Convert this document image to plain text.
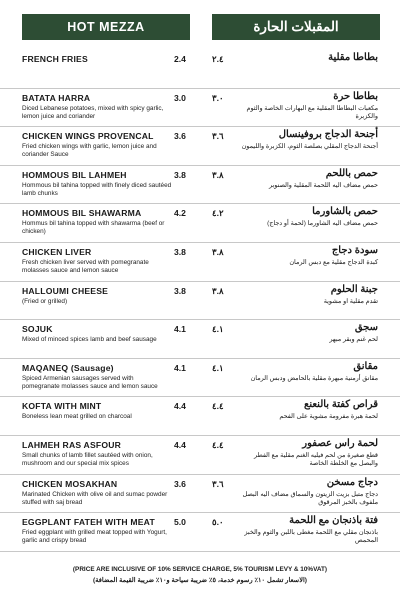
HOT MEZZA	المقبلات الحارة
FRENCH FRIES	2.4	٢.٤	بطاطا مقلية
BATATA HARRA
Diced Lebanese potatoes, mixed with spicy garlic, lemon juice and coriander
3.0	٣.٠	بطاطا حرة
مكعبات البطاطا المقلية مع البهارات الخاصة والثوم والكزبرة
CHICKEN WINGS PROVENCAL
Fried chicken wings with garlic, lemon juice and coriander Sauce
3.6	٣.٦	أجنحة الدجاج بروفينسال
أجنحة الدجاج المقلي بصلصة الثوم، الكزبرة والليمون
HOMMOUS BIL LAHMEH
Hommous bil tahina topped with finely diced sautéed lamb chunks
3.8	٣.٨	حمص باللحم
حمص مضاف اليه اللحمة المقلية والصنوبر
HOMMOUS BIL SHAWARMA
Hommus bil tahina topped with shawarma (beef or chicken)
4.2	٤.٢	حمص بالشاورما
حمص مضاف اليه الشاورما (لحمة أو دجاج)
CHICKEN LIVER
Fresh chicken liver served with pomegranate molasses sauce and lemon sauce
3.8	٣.٨	سودة دجاج
كبدة الدجاج مقلية مع دبس الرمان
HALLOUMI CHEESE
(Fried or grilled)
3.8	٣.٨	جبنة الحلوم
تقدم مقلية او مشوية
SOJUK
Mixed of minced spices lamb and beef sausage
4.1	٤.١	سجق
لحم غنم وبقر مبهر
MAQANEQ (Sausage)
Spiced Armenian sausages served with pomegranate molasses sauce and lemon sauce
4.1	٤.١	مقانق
مقانق أرمنية مبهرة مقلية بالحامض ودبس الرمان
KOFTA WITH MINT
Boneless lean meat grilled on charcoal
4.4	٤.٤	قراص كفتة بالنعنع
لحمة هبرة مفرومة مشوية على الفحم
LAHMEH RAS ASFOUR
Small chunks of lamb fillet sautéed with onion, mushroom and our special mix spices
4.4	٤.٤	لحمة راس عصفور
قطع صغيرة من لحم فيليه الغنم مقلية مع الفطر والبصل مع الخلطة الخاصة
CHICKEN MOSAKHAN
Marinated Chicken with olive oil and sumac powder stuffed with saj bread
3.6	٣.٦	دجاج مسخن
دجاج متبل بزيت الزيتون والسماق مضاف اليه البصل ملفوف بالخبز المرقوق
EGGPLANT FATEH WITH MEAT
Fried eggplant with grilled meat topped with Yogurt, garlic and crispy bread
5.0	٥.٠	فتة باذنجان مع اللحمة
باذنجان مقلي مع اللحمة مغطى باللبن والثوم والخبز المحمص
(PRICE ARE INCLUSIVE OF 10% SERVICE CHARGE, 5% TOURISM LEVY & 10%VAT)
(الاسعار تشمل ١٠٪ رسوم خدمة، ٥٪ ضريبة سياحة و١٠٪ ضريبة القيمة المضافة)
